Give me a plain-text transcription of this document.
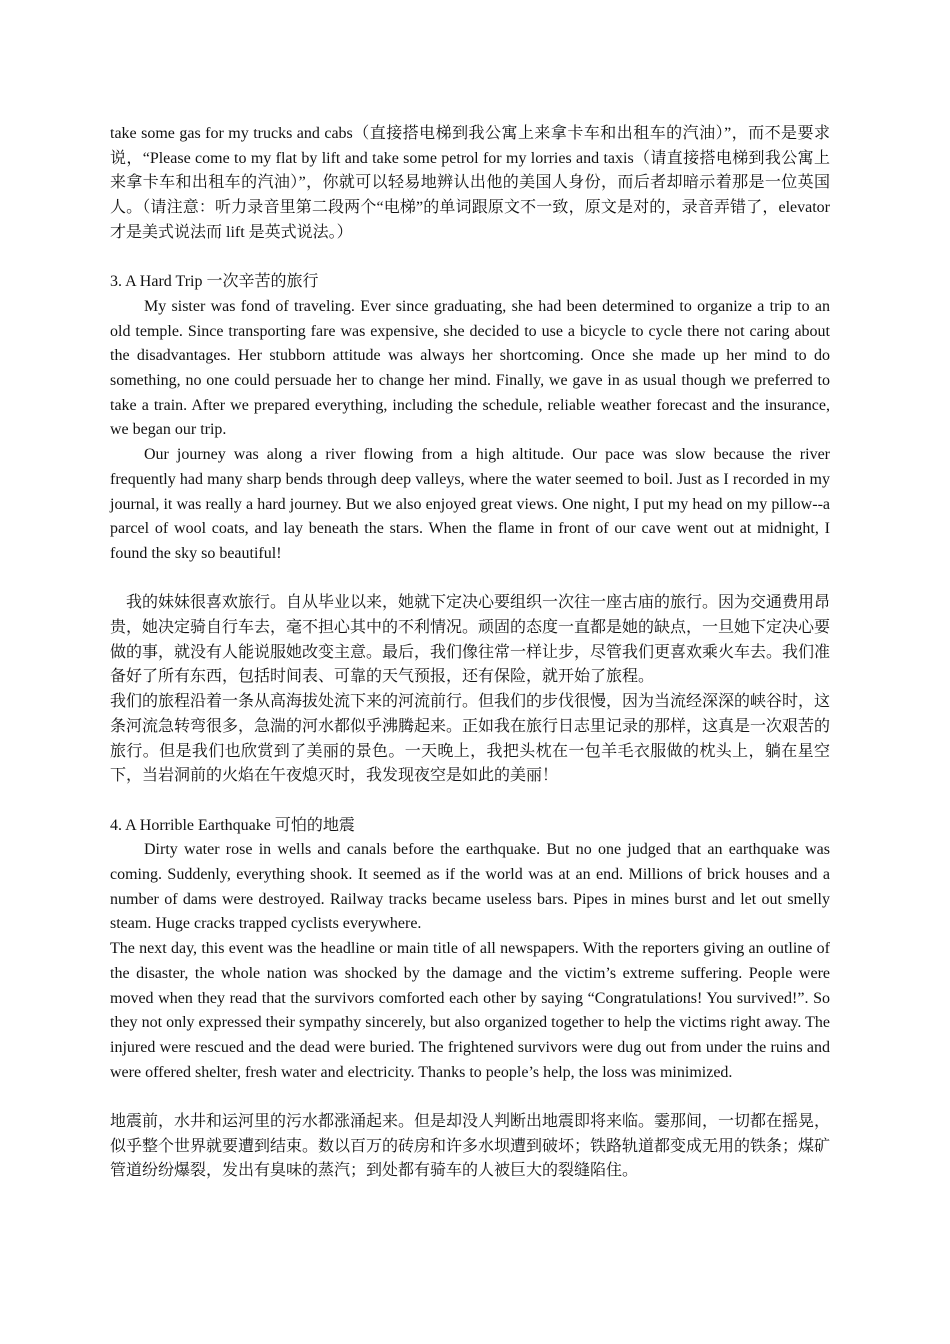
take some gas for my trucks and cabs（直接搭电梯到我公寓上来拿卡车和出租车的汽油）”，而不是要求说，“Please come to my flat by lift and take some petrol for my lorries and taxis（请直接搭电梯到我公寓上来拿卡车和出租车的汽油）”，你就可以轻易地辨认出他的美国人身份，而后者却暗示着那是一位英国人。（请注意：听力录音里第二段两个“电梯”的单词跟原文不一致，原文是对的，录音弄错了，elevator 才是美式说法而 lift 是英式说法。）

3. A Hard Trip 一次辛苦的旅行

My sister was fond of traveling. Ever since graduating, she had been determined to organize a trip to an old temple. Since transporting fare was expensive, she decided to use a bicycle to cycle there not caring about the disadvantages. Her stubborn attitude was always her shortcoming. Once she made up her mind to do something, no one could persuade her to change her mind. Finally, we gave in as usual though we preferred to take a train. After we prepared everything, including the schedule, reliable weather forecast and the insurance, we began our trip.

Our journey was along a river flowing from a high altitude. Our pace was slow because the river frequently had many sharp bends through deep valleys, where the water seemed to boil. Just as I recorded in my journal, it was really a hard journey. But we also enjoyed great views. One night, I put my head on my pillow--a parcel of wool coats, and lay beneath the stars. When the flame in front of our cave went out at midnight, I found the sky so beautiful!

我的妹妹很喜欢旅行。自从毕业以来，她就下定决心要组织一次往一座古庙的旅行。因为交通费用昂贵，她决定骑自行车去，毫不担心其中的不利情况。顽固的态度一直都是她的缺点，一旦她下定决心要做的事，就没有人能说服她改变主意。最后，我们像往常一样让步，尽管我们更喜欢乘火车去。我们准备好了所有东西，包括时间表、可靠的天气预报，还有保险，就开始了旅程。

我们的旅程沿着一条从高海拔处流下来的河流前行。但我们的步伐很慢，因为当流经深深的峡谷时，这条河流急转弯很多，急湍的河水都似乎沸腾起来。正如我在旅行日志里记录的那样，这真是一次艰苦的旅行。但是我们也欣赏到了美丽的景色。一天晚上，我把头枕在一包羊毛衣服做的枕头上，躺在星空下，当岩洞前的火焰在午夜熄灭时，我发现夜空是如此的美丽！

4. A Horrible Earthquake 可怕的地震

Dirty water rose in wells and canals before the earthquake. But no one judged that an earthquake was coming. Suddenly, everything shook. It seemed as if the world was at an end. Millions of brick houses and a number of dams were destroyed. Railway tracks became useless bars. Pipes in mines burst and let out smelly steam. Huge cracks trapped cyclists everywhere.

The next day, this event was the headline or main title of all newspapers. With the reporters giving an outline of the disaster, the whole nation was shocked by the damage and the victim’s extreme suffering. People were moved when they read that the survivors comforted each other by saying “Congratulations! You survived!”. So they not only expressed their sympathy sincerely, but also organized together to help the victims right away. The injured were rescued and the dead were buried. The frightened survivors were dug out from under the ruins and were offered shelter, fresh water and electricity. Thanks to people’s help, the loss was minimized.

地震前，水井和运河里的污水都涨涌起来。但是却没人判断出地震即将来临。霎那间，一切都在摇晃，似乎整个世界就要遭到结束。数以百万的砖房和许多水坝遭到破坏；铁路轨道都变成无用的铁条；煤矿管道纷纷爆裂，发出有臭味的蒸汽；到处都有骑车的人被巨大的裂缝陷住。
